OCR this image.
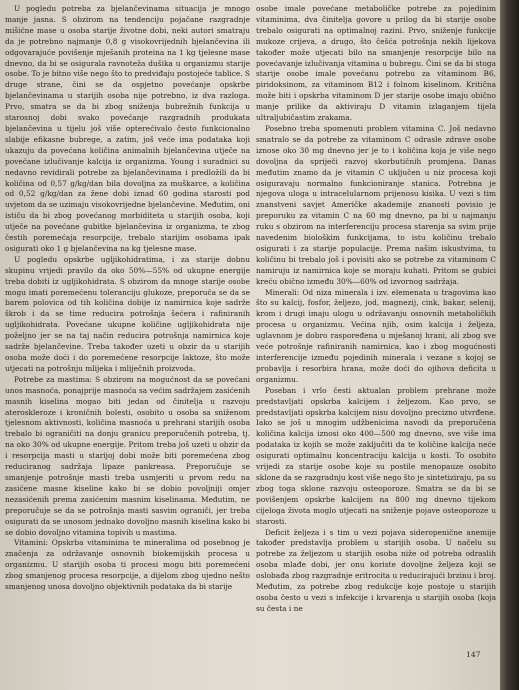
U pogledu potreba za bjelančevinama situacija je mnogo manje jasna. S obzirom na tendenciju pojačane razgradnje mišićne mase u osoba starije životne dobi, neki autori smatraju da je potrebno najmanje 0,8 g visokovrijednih bjelančevina ili odgovarajuće povišenje mješanih proteina na 1 kg tjelesne mase dnevno, da bi se osigurala ravnoteža dušika u organizmu starije osobe. To je bitno više nego što to predviđaju postojeće tablice. S druge strane, čini se da ospjetno povećanje opskrbe bjelančevinama u starijih osoba nije potrebno, iz dva razloga. Prvo, smatra se da bi zbog sniženja bubrežnih funkcija u starosnoj dobi svako povećanje razgradnih produkata bjelančevina u tijelu još više opterećivalo često funkcionalno slabije efikasne bubrege, a zatim, još veće ima podataka koji ukazuju da povećana količina animalnih bjelančevina utječe na povećane izlučivanje kalcija iz organizma. Young i suradnici su nedavno revidirali potrebe za bjelančevinama i predložili da bi količina od 0,57 g/kg/dan bila dovoljna za muškarce, a količina od 0,52 g/kg/dan za žene dobi iznad 60 godina starosti pod uvjetom da se uzimaju visokovrijedne bjelančevine. Međutim, oni ističu da bi zbog povećanog morbiditeta u starijih osoba, koji utječe na povećane gubitke bjelančevina iz organizma, te zbog čestih poremećaja resorpcije, trebalo starijim osobama ipak osigurati oko 1 g bjelančevina na kg tjelesne mase.

U pogledu opskrbe ugljikohidratima, i za starije dobnu skupinu vrijedi pravilo da oko 50%—55% od ukupne energije treba dobiti iz ugljikohidrata. S obzirom da mnoge starije osobe mogu imati poremećenu toleranciju glukoze, preporuča se da se barem polovica od tih količina dobije iz namirnica koje sadrže škrob i da se time reducira potrošnja šećera i rafiniranih ugljikohidrata. Povećane ukupne količine ugljikohidrata nije poželjno jer se na taj način reducira potrošnja namirnica koje sadrže bjelančevine. Treba također uzeti u obzir da u starijih osoba može doći i do poremećene resorpcije laktoze, što može utjecati na potrošnju mlijeka i mliječnih proizvoda.

Potrebe za mastima: S obzirom na mogućnost da se povećani unos masnoća, ponajprije masnoća sa većim sadržajem zasićenih masnih kiselina mogao biti jedan od činitelja u razvoju ateroskleroze i kroničnih bolesti, osobito u osoba sa sniženom tjelesnom aktivnosti, količina masnoća u prehrani starijih osoba trebalo bi ograničiti na donju granicu preporučenih potreba, tj. na oko 30% od ukupne energije. Pritom treba još uzeti u obzir da i resorpcija masti u starijoj dobi može biti poremećena zbog reduciranog sadržaja lipaze pankreasa. Preporučuje se smanjenje potrošnje masti treba usmjeriti u prvom redu na zasićene masne kiseline kako bi se dobio povoljniji omjer nezasićenih prema zasićenim masnim kiselinama. Međutim, ne preporučuje se da se potrošnja masti sasvim ograniči, jer treba osigurati da se unosom jednako dovoljno masnih kiselina kako bi se dobio dovoljno vitamina topivih u mastima.

Vitamini: Opskrba vitaminima te mineralima od posebnog je značenja za održavanje osnovnih biokemijskih procesa u organizmu. U starijih osoba ti procesi mogu biti poremećeni zbog smanjenog procesa resorpcije, a dijelom zbog ujedno nešto smanjenog unosa dovoljno objektivnih podataka da bi starije

osobe imale povećane metaboličke potrebe za pojedinim vitaminima, dva činitelja govore u prilog da bi starije osobe trebalo osigurati na optimalnoj razini. Prvo, sniženje funkcije mukoze crijeva, a drugo, što češća potrošnja nekih lijekova također može utjecati bilo na smanjenje resorpcije bilo na povećavanje izlučivanja vitamina u bubregu. Čini se da bi stoga starije osobe imale povećanu potrebu za vitaminom B6, piridoksinom, za vitaminom B12 i folnom kiselinom. Kritična može biti i opskrba vitaminom D jer starije osobe imaju obično manje prilike da aktiviraju D vitamin izlaganjem tijela ultraljubičastim zrakama.

Posebno treba spomenuti problem vitamina C. Još nedavno smatralo se da potrebe za vitaminom C odrasle zdrave osobe iznose oko 30 mg dnevno jer je to i količina koja je više nego dovoljna da spriječi razvoj skorbutičnih promjena. Danas međutim znamo da je vitamin C uključen u niz procesa koji osiguravaju normalno funkcioniranje stanica. Potrebna je njegova uloga u intracelularnom prijenosu kisika. U vezi s tim znanstveni savjet Američke akademije znanosti povisio je preporuku za vitamin C na 60 mg dnevno, pa bi u najmanju ruku s obzirom na interferenciju procesa starenja sa svim prije navedenim biološkim funkcijama, to istu količinu trebalo osigurati i za starije populacije. Prema našim iskustvima, tu količinu bi trebalo još i povisiti ako se potrebe za vitaminom C namiruju iz namirnica koje se moraju kuhati. Pritom se gubici kreću obično između 30%—60% od izvornog sadržaja.

Minerali: Od niza minerala i izv. elemenata u tragovima kao što su kalcij, fosfor, željezo, jod, magnezij, cink, bakar, selenij, krom i drugi imaju ulogu u održavanju osnovnih metaboličkih procesa u organizmu. Većina njih, osim kalcija i željeza, uglavnom je dobro raspoređena u mješanoj hrani, ali zbog sve veće potrošnje rafiniranih namirnica, kao i zbog mogućnosti interferencije između pojedinih minerala i vezane s kojoj se probavlja i resorbira hrana, može doći do ojihova deficita u organizmu.

Poseban i vrlo česti aktualan problem prehrane može predstavljati opskrba kalcijem i željezom. Kao prvo, se predstavljati opskrba kalcijem nisu dovoljno precizno utvrđene. Iako se još u mnogim udžbenicima navodi da preporučena količina kalcija iznosi oko 400—500 mg dnevno, sve više ima podataka iz kojih se može zaključiti da te količine kalcija neće osigurati optimalnu koncentraciju kalcija u kosti. To osobito vrijedi za starije osobe koje su postile menopauze osobito sklone da se razgradnju kost više nego što je sintetiziraju, pa su zbog toga sklone razvoju osteoporoze. Smatra se da bi se povišenjem opskrbe kalcijem na 800 mg dnevno tijekom cijeloga života moglo utjecati na sniženje pojave osteoporoze u starosti.

Deficit željeza i s tim u vezi pojava sideropenične anemije također predstavlja problem u starijih osoba. U načelu su potrebe za željezom u starijih osoba niže od potreba odraslih osoba mlađe dobi, jer onu koriste dovoljne željeza koji se oslobađa zbog razgradnje eritrocita u reducirajući brzinu i broj. Međutim, za potrebe zbog redukcije koje postoje u starijih osoba često u vezi s infekcije i krvarenja u starijih osoba (koja su česta i ne

147
